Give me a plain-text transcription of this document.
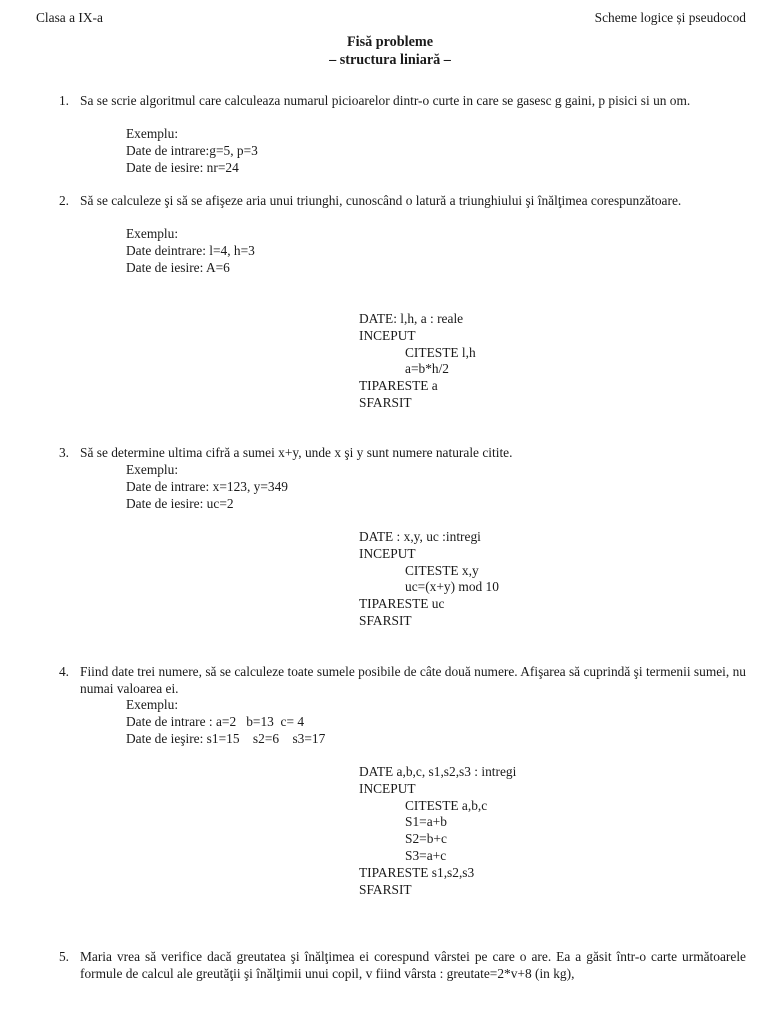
Clasa a IX-a	Scheme logice și pseudocod
Fisă probleme
– structura liniară –
1. Sa se scrie algoritmul care calculeaza numarul picioarelor dintr-o curte in care se gasesc g gaini, p pisici si un om.
Exemplu:
Date de intrare:g=5, p=3
Date de iesire: nr=24
2. Să se calculeze şi să se afişeze aria unui triunghi, cunoscând o latură a triunghiului şi înălţimea corespunzătoare.
Exemplu:
Date deintrare: l=4, h=3
Date de iesire: A=6
DATE: l,h, a : reale
INCEPUT
CITESTE l,h
a=b*h/2
TIPARESTE a
SFARSIT
3. Să se determine ultima cifră a sumei x+y, unde x şi y sunt numere naturale citite.
Exemplu:
Date de intrare: x=123, y=349
Date de iesire: uc=2
DATE : x,y, uc :intregi
INCEPUT
CITESTE x,y
uc=(x+y) mod 10
TIPARESTE uc
SFARSIT
4. Fiind date trei numere, să se calculeze toate sumele posibile de câte două numere. Afişarea să cuprindă şi termenii sumei, nu numai valoarea ei.
Exemplu:
Date de intrare : a=2   b=13  c= 4
Date de ieşire: s1=15    s2=6    s3=17
DATE a,b,c, s1,s2,s3 : intregi
INCEPUT
CITESTE a,b,c
S1=a+b
S2=b+c
S3=a+c
TIPARESTE s1,s2,s3
SFARSIT
5. Maria vrea să verifice dacă greutatea şi înălţimea ei corespund vârstei pe care o are. Ea a găsit într-o carte următoarele formule de calcul ale greutăţii şi înălţimii unui copil, v fiind vârsta : greutate=2*v+8 (in kg),
